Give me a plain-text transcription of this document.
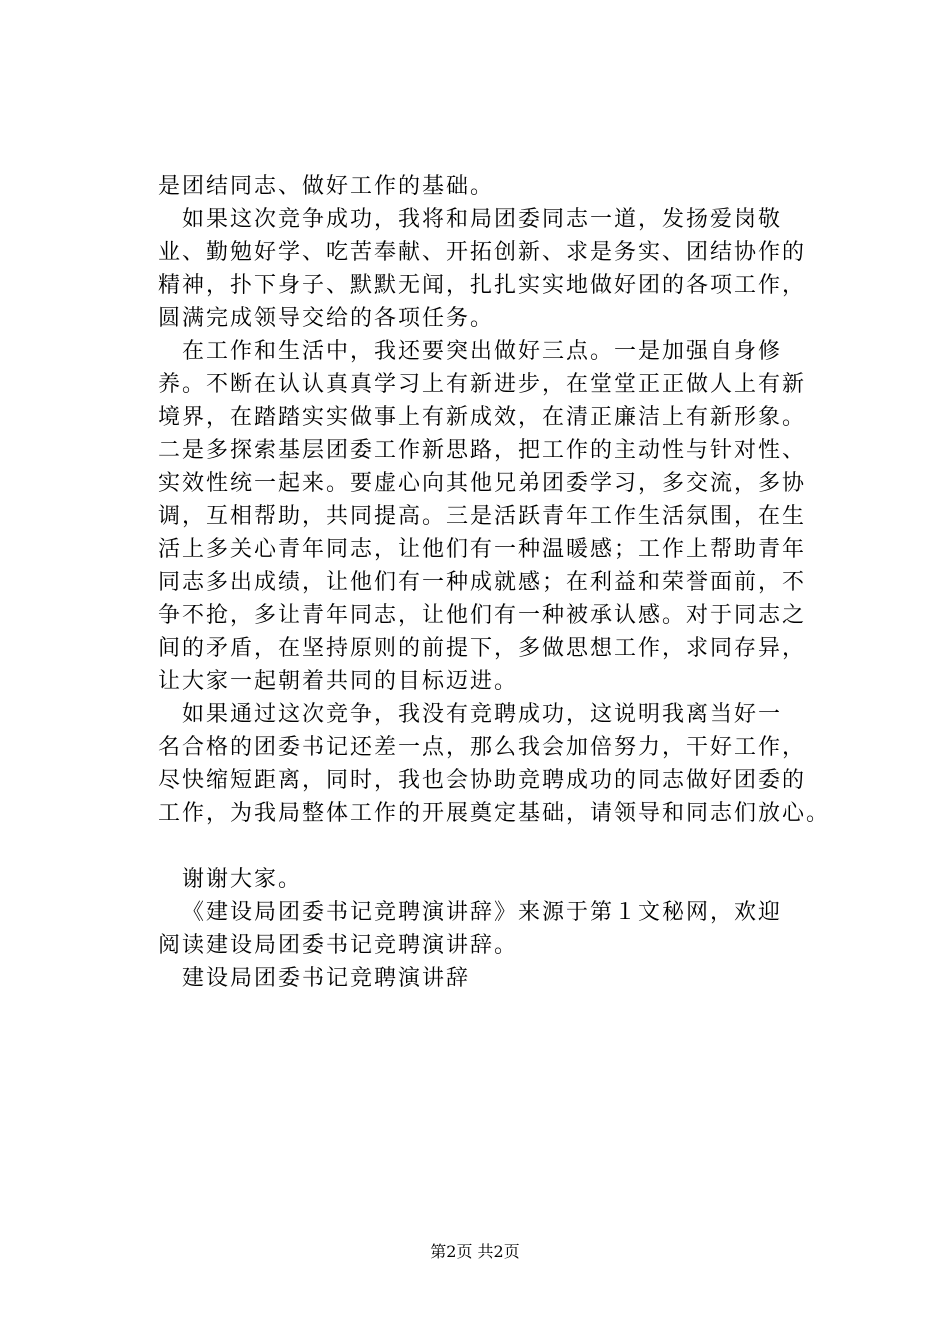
是团结同志、做好工作的基础。
如果这次竞争成功，我将和局团委同志一道，发扬爱岗敬
业、勤勉好学、吃苦奉献、开拓创新、求是务实、团结协作的
精神，扑下身子、默默无闻，扎扎实实地做好团的各项工作，
圆满完成领导交给的各项任务。
在工作和生活中，我还要突出做好三点。一是加强自身修
养。不断在认认真真学习上有新进步，在堂堂正正做人上有新
境界，在踏踏实实做事上有新成效，在清正廉洁上有新形象。
二是多探索基层团委工作新思路，把工作的主动性与针对性、
实效性统一起来。要虚心向其他兄弟团委学习，多交流，多协
调，互相帮助，共同提高。三是活跃青年工作生活氛围，在生
活上多关心青年同志，让他们有一种温暖感；工作上帮助青年
同志多出成绩，让他们有一种成就感；在利益和荣誉面前，不
争不抢，多让青年同志，让他们有一种被承认感。对于同志之
间的矛盾，在坚持原则的前提下，多做思想工作，求同存异，
让大家一起朝着共同的目标迈进。
如果通过这次竞争，我没有竞聘成功，这说明我离当好一
名合格的团委书记还差一点，那么我会加倍努力，干好工作，
尽快缩短距离，同时，我也会协助竞聘成功的同志做好团委的
工作，为我局整体工作的开展奠定基础，请领导和同志们放心。
谢谢大家。
《建设局团委书记竞聘演讲辞》来源于第１文秘网，欢迎
阅读建设局团委书记竞聘演讲辞。
建设局团委书记竞聘演讲辞
第2页 共2页
